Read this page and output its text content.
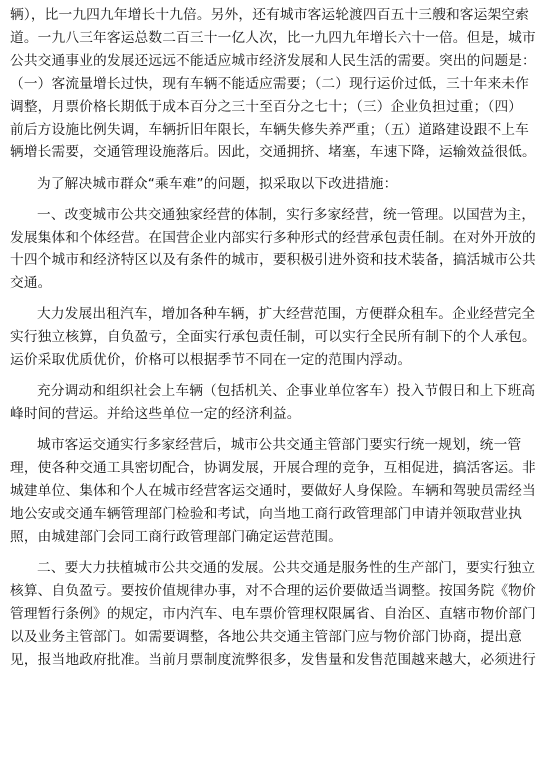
辆），比一九四九年增长十九倍。另外，还有城市客运轮渡四百五十三艘和客运架空索
道。一九八三年客运总数二百三十一亿人次，比一九四九年增长六十一倍。但是，城市
公共交通事业的发展还远远不能适应城市经济发展和人民生活的需要。突出的问题是：
（一）客流量增长过快，现有车辆不能适应需要；（二）现行运价过低，三十年来未作
调整，月票价格长期低于成本百分之三十至百分之七十；（三）企业负担过重；（四）
前后方设施比例失调，车辆折旧年限长，车辆失修失养严重；（五）道路建设跟不上车
辆增长需要，交通管理设施落后。因此，交通拥挤、堵塞，车速下降，运输效益很低。
为了解决城市群众“乘车难”的问题，拟采取以下改进措施：
一、改变城市公共交通独家经营的体制，实行多家经营，统一管理。以国营为主，
发展集体和个体经营。在国营企业内部实行多种形式的经营承包责任制。在对外开放的
十四个城市和经济特区以及有条件的城市，要积极引进外资和技术装备，搞活城市公共
交通。
大力发展出租汽车，增加各种车辆，扩大经营范围，方便群众租车。企业经营完全
实行独立核算，自负盈亏，全面实行承包责任制，可以实行全民所有制下的个人承包。
运价采取优质优价，价格可以根据季节不同在一定的范围内浮动。
充分调动和组织社会上车辆（包括机关、企事业单位客车）投入节假日和上下班高
峰时间的营运。并给这些单位一定的经济利益。
城市客运交通实行多家经营后，城市公共交通主管部门要实行统一规划，统一管
理，使各种交通工具密切配合，协调发展，开展合理的竞争，互相促进，搞活客运。非
城建单位、集体和个人在城市经营客运交通时，要做好人身保险。车辆和驾驶员需经当
地公安或交通车辆管理部门检验和考试，向当地工商行政管理部门申请并领取营业执
照，由城建部门会同工商行政管理部门确定运营范围。
二、要大力扶植城市公共交通的发展。公共交通是服务性的生产部门，要实行独立
核算、自负盈亏。要按价值规律办事，对不合理的运价要做适当调整。按国务院《物价
管理暂行条例》的规定，市内汽车、电车票价管理权限属省、自治区、直辖市物价部门
以及业务主管部门。如需要调整，各地公共交通主管部门应与物价部门协商，提出意
见，报当地政府批准。当前月票制度流弊很多，发售量和发售范围越来越大，必须进行
